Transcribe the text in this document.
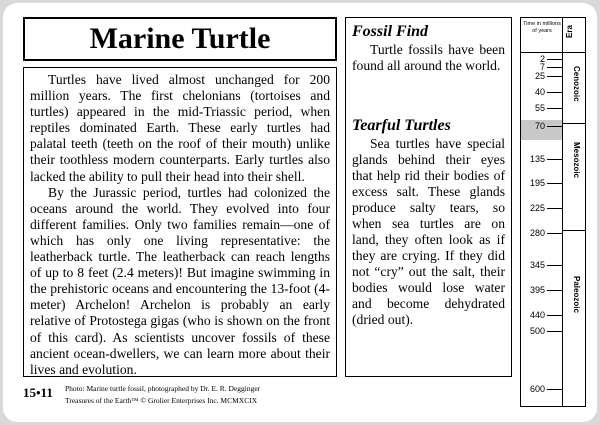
Marine Turtle

Turtles have lived almost unchanged for 200 million years. The first chelonians (tortoises and turtles) appeared in the mid-Triassic period, when reptiles dominated Earth. These early turtles had palatal teeth (teeth on the roof of their mouth) unlike their toothless modern counterparts. Early turtles also lacked the ability to pull their head into their shell.

By the Jurassic period, turtles had colonized the oceans around the world. They evolved into four different families. Only two families remain—one of which has only one living representative: the leatherback turtle. The leatherback can reach lengths of up to 8 feet (2.4 meters)! But imagine swimming in the prehistoric oceans and encountering the 13-foot (4-meter) Archelon! Archelon is probably an early relative of Protostega gigas (who is shown on the front of this card). As scientists uncover fossils of these ancient ocean-dwellers, we can learn more about their lives and evolution.

Fossil Find

Turtle fossils have been found all around the world.

Tearful Turtles

Sea turtles have special glands behind their eyes that help rid their bodies of excess salt. These glands produce salty tears, so when sea turtles are on land, they often look as if they are crying. If they did not “cry” out the salt, their bodies would lose water and become dehydrated (dried out).

15•11 Photo: Marine turtle fossil, photographed by Dr. E. R. Degginger
Treasures of the Earth™ © Grolier Enterprises Inc. MCMXCIX
Time in millions of years	Era
2
7
25
40
55
70
135
195
225
280
345
395
440
500
600
Cenozoic
Mesozoic
Paleozoic
